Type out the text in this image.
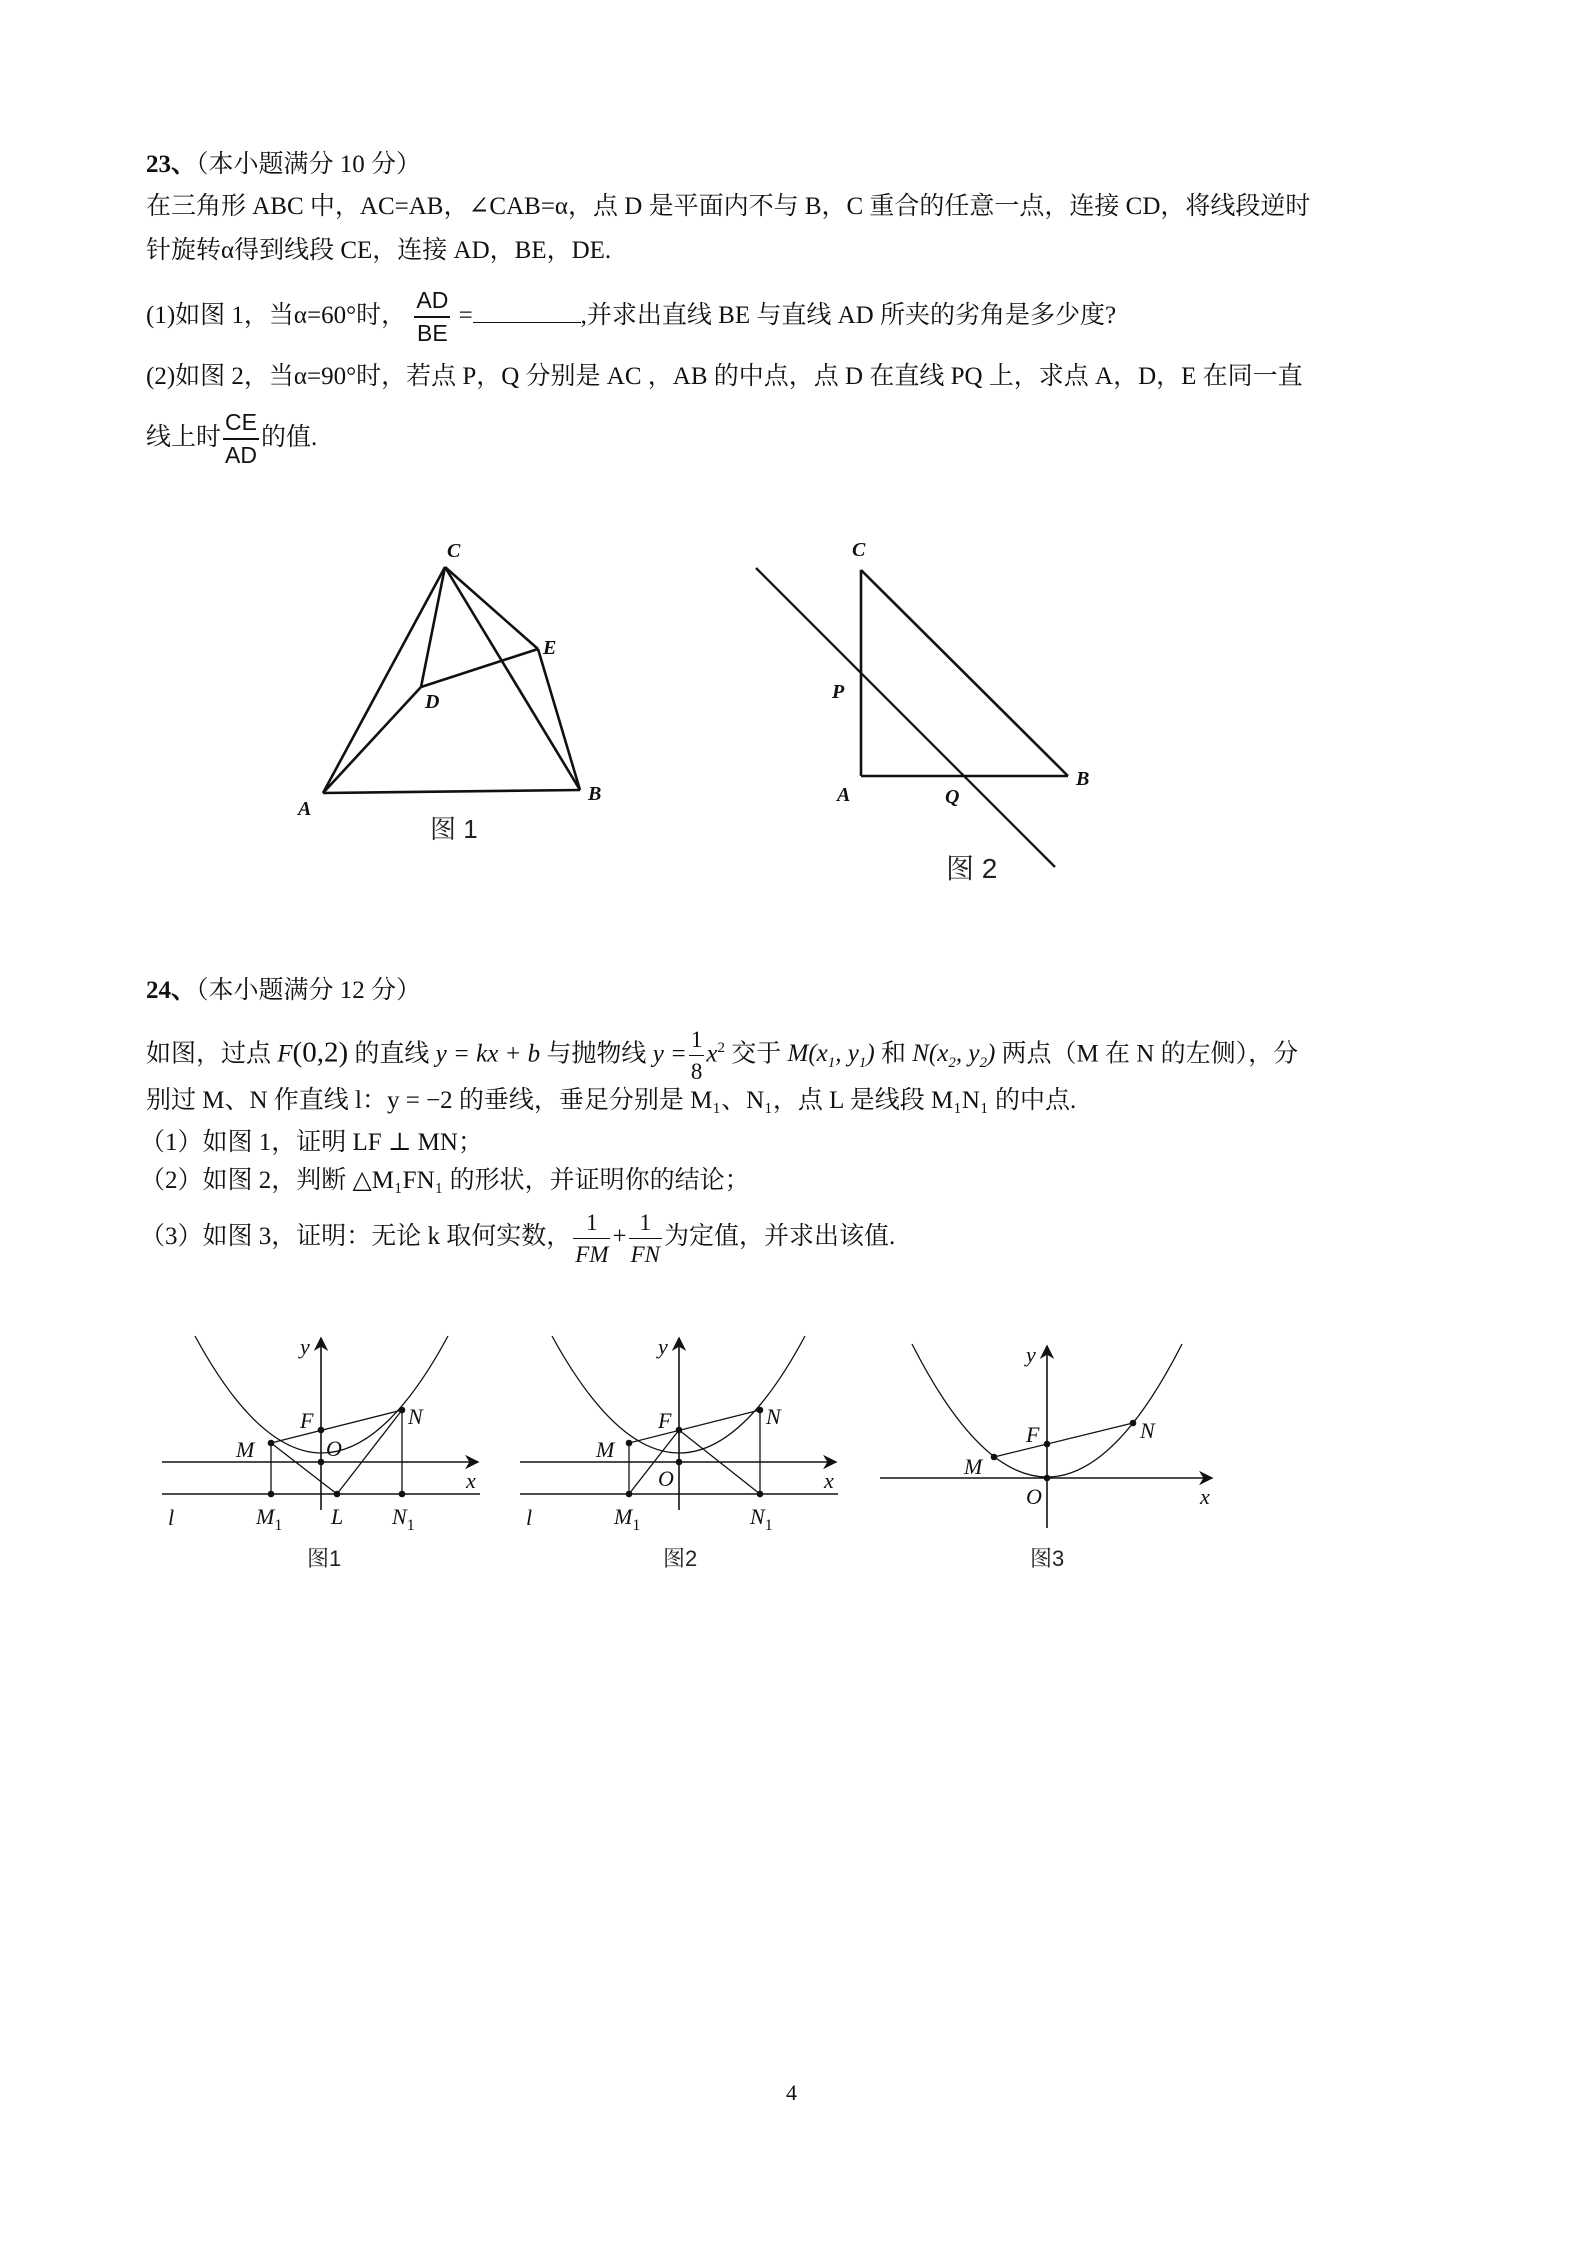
23、（本小题满分 10 分）
在三角形 ABC 中，AC=AB，∠CAB=α，点 D 是平面内不与 B，C 重合的任意一点，连接 CD，将线段逆时
针旋转α得到线段 CE，连接 AD，BE，DE.
(1)如图 1，当α=60°时， $\frac{AD}{BE}$ =	,并求出直线 BE 与直线 AD 所夹的劣角是多少度?
(2)如图 2，当α=90°时，若点 P，Q 分别是 AC ，AB 的中点，点 D 在直线 PQ 上，求点 A，D，E 在同一直
线上时 $\frac{CE}{AD}$ 的值.
C
E
D
A
B
图 1
C
P
A	Q
B
图 2
24、（本小题满分 12 分）
如图，过点 F(0,2) 的直线 y = kx + b 与抛物线 $y = \frac{1}{8} x^2$ 交于 $M(x_1$, $y_1$) 和 $N(x_2$, $y_2$) 两点（M 在 N 的左侧），分
别过 M、N 作直线 l：y = −2 的垂线，垂足分别是 M₁、N₁，点 L 是线段 M₁N₁ 的中点.
（1）如图 1，证明 LF ⊥ MN；
（2）如图 2，判断 △M₁FN₁ 的形状，并证明你的结论；
（3）如图 3，证明：无论 k 取何实数， $\frac{1}{FM} + \frac{1}{FN}$ 为定值，并求出该值.
y
x
F
O
M
N
l	$M_1$ L $N_1$
图1
y
x
F
O
M
N
l	$M_1$	$N_1$
图2
y
x
F
O
M
N
图3
4
